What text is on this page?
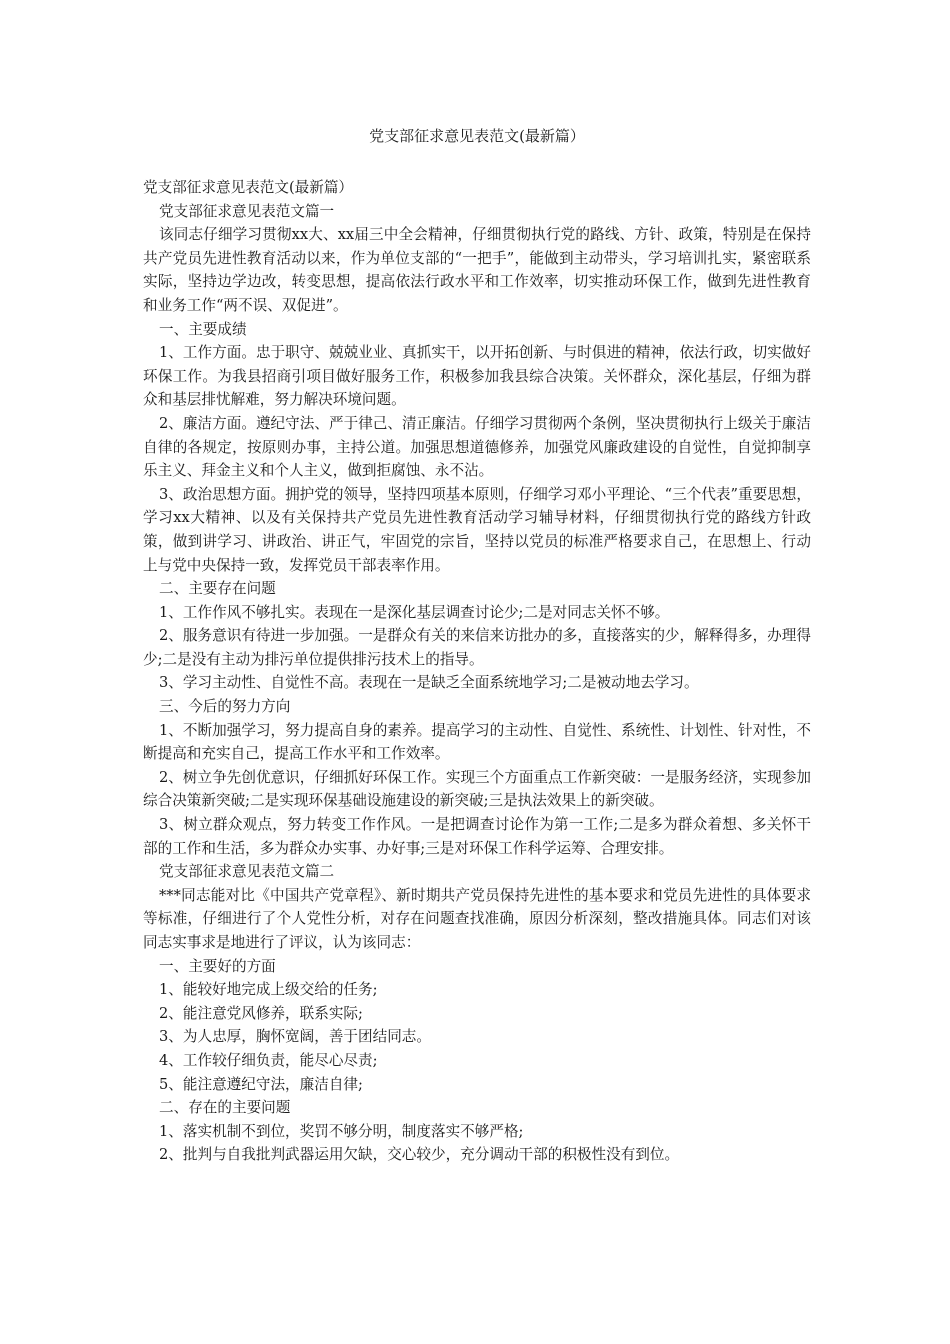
党支部征求意见表范文(最新篇）

党支部征求意见表范文(最新篇）

党支部征求意见表范文篇一

该同志仔细学习贯彻xx大、xx届三中全会精神，仔细贯彻执行党的路线、方针、政策，特别是在保持共产党员先进性教育活动以来，作为单位支部的“一把手”，能做到主动带头，学习培训扎实，紧密联系实际，坚持边学边改，转变思想，提高依法行政水平和工作效率，切实推动环保工作，做到先进性教育和业务工作“两不误、双促进”。

一、主要成绩

1、工作方面。忠于职守、兢兢业业、真抓实干，以开拓创新、与时俱进的精神，依法行政，切实做好环保工作。为我县招商引项目做好服务工作，积极参加我县综合决策。关怀群众，深化基层，仔细为群众和基层排忧解难，努力解决环境问题。

2、廉洁方面。遵纪守法、严于律己、清正廉洁。仔细学习贯彻两个条例，坚决贯彻执行上级关于廉洁自律的各规定，按原则办事，主持公道。加强思想道德修养，加强党风廉政建设的自觉性，自觉抑制享乐主义、拜金主义和个人主义，做到拒腐蚀、永不沾。

3、政治思想方面。拥护党的领导，坚持四项基本原则，仔细学习邓小平理论、“三个代表”重要思想，学习xx大精神、以及有关保持共产党员先进性教育活动学习辅导材料，仔细贯彻执行党的路线方针政策，做到讲学习、讲政治、讲正气，牢固党的宗旨，坚持以党员的标准严格要求自己，在思想上、行动上与党中央保持一致，发挥党员干部表率作用。

二、主要存在问题

1、工作作风不够扎实。表现在一是深化基层调查讨论少;二是对同志关怀不够。

2、服务意识有待进一步加强。一是群众有关的来信来访批办的多，直接落实的少，解释得多，办理得少;二是没有主动为排污单位提供排污技术上的指导。

3、学习主动性、自觉性不高。表现在一是缺乏全面系统地学习;二是被动地去学习。

三、今后的努力方向

1、不断加强学习，努力提高自身的素养。提高学习的主动性、自觉性、系统性、计划性、针对性，不断提高和充实自己，提高工作水平和工作效率。

2、树立争先创优意识，仔细抓好环保工作。实现三个方面重点工作新突破：一是服务经济，实现参加综合决策新突破;二是实现环保基础设施建设的新突破;三是执法效果上的新突破。

3、树立群众观点，努力转变工作作风。一是把调查讨论作为第一工作;二是多为群众着想、多关怀干部的工作和生活，多为群众办实事、办好事;三是对环保工作科学运筹、合理安排。

党支部征求意见表范文篇二

***同志能对比《中国共产党章程》、新时期共产党员保持先进性的基本要求和党员先进性的具体要求等标准，仔细进行了个人党性分析，对存在问题查找准确，原因分析深刻，整改措施具体。同志们对该同志实事求是地进行了评议，认为该同志：

一、主要好的方面

1、能较好地完成上级交给的任务;

2、能注意党风修养，联系实际;

3、为人忠厚，胸怀宽阔，善于团结同志。

4、工作较仔细负责，能尽心尽责;

5、能注意遵纪守法，廉洁自律;

二、存在的主要问题

1、落实机制不到位，奖罚不够分明，制度落实不够严格;

2、批判与自我批判武器运用欠缺，交心较少，充分调动干部的积极性没有到位。
